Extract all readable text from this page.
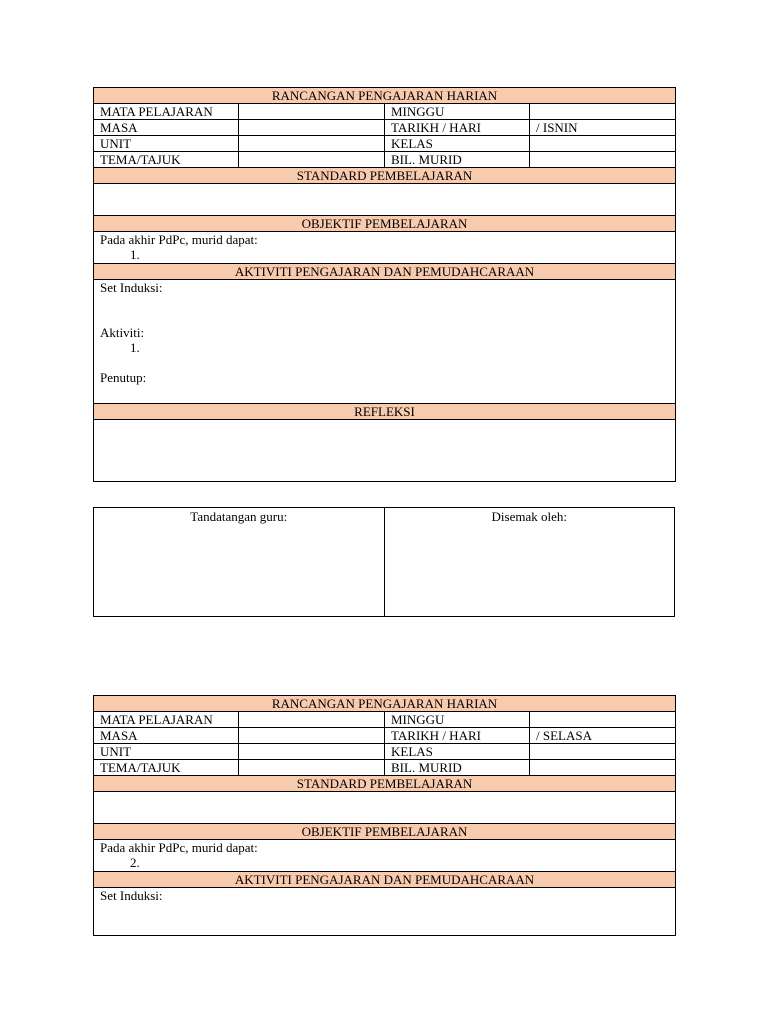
RANCANGAN PENGAJARAN HARIAN			
MATA PELAJARAN		MINGGU	
MASA		TARIKH / HARI	/ ISNIN
UNIT		KELAS	
TEMA/TAJUK		BIL. MURID	
STANDARD PEMBELAJARAN			

OBJEKTIF PEMBELAJARAN			

Pada akhir PdPc, murid dapat:
1.			

AKTIVITI PENGAJARAN DAN PEMUDAHCARAAN			

Set Induksi:
Aktiviti:
1.
Penutup:			

REFLEKSI			

Tandatangan guru:	Disemak oleh:
RANCANGAN PENGAJARAN HARIAN			
MATA PELAJARAN		MINGGU	
MASA		TARIKH / HARI	/ SELASA
UNIT		KELAS	
TEMA/TAJUK		BIL. MURID	
STANDARD PEMBELAJARAN			

OBJEKTIF PEMBELAJARAN			

Pada akhir PdPc, murid dapat:
2.			

AKTIVITI PENGAJARAN DAN PEMUDAHCARAAN			

Set Induksi:			
